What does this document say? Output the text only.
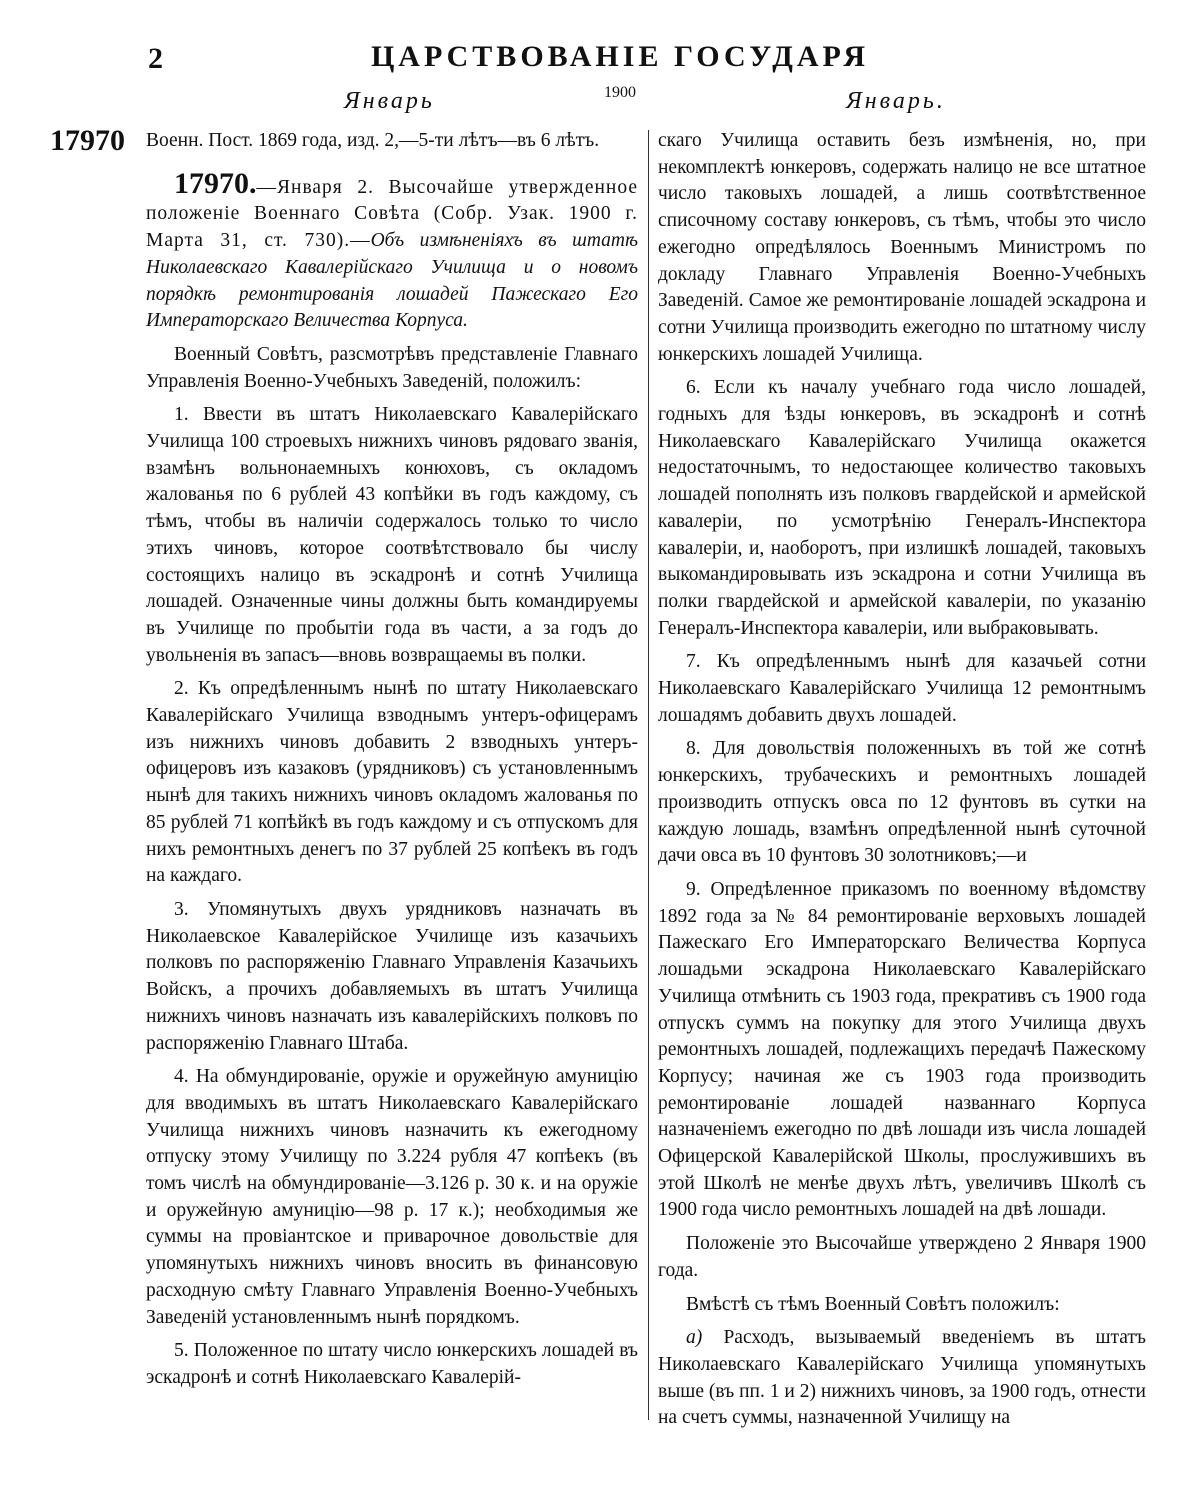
2	ЦАРСТВОВАНІЕ ГОСУДАРЯ
Январь	1900	Январь.
17970 Военн. Пост. 1869 года, изд. 2,—5-ти лѣтъ—въ 6 лѣтъ.

17970.—Января 2. Высочайше утвержденное положеніе Военнаго Совѣта (Собр. Узак. 1900 г. Марта 31, ст. 730).—Объ измѣненіяхъ въ штатѣ Николаевскаго Кавалерійскаго Училища и о новомъ порядкѣ ремонтированія лошадей Пажескаго Его Императорскаго Величества Корпуса.

Военный Совѣтъ, разсмотрѣвъ представленіе Главнаго Управленія Военно-Учебныхъ Заведеній, положилъ:

1. Ввести въ штатъ Николаевскаго Кавалерійскаго Училища 100 строевыхъ нижнихъ чиновъ рядоваго званія, взамѣнъ вольнонаемныхъ конюховъ, съ окладомъ жалованья по 6 рублей 43 копѣйки въ годъ каждому, съ тѣмъ, чтобы въ наличіи содержалось только то число этихъ чиновъ, которое соотвѣтствовало бы числу состоящихъ налицо въ эскадронѣ и сотнѣ Училища лошадей. Означенные чины должны быть командируемы въ Училище по пробытіи года въ части, а за годъ до увольненія въ запасъ—вновь возвращаемы въ полки.

2. Къ опредѣленнымъ нынѣ по штату Николаевскаго Кавалерійскаго Училища взводнымъ унтеръ-офицерамъ изъ нижнихъ чиновъ добавить 2 взводныхъ унтеръ-офицеровъ изъ казаковъ (урядниковъ) съ установленнымъ нынѣ для такихъ нижнихъ чиновъ окладомъ жалованья по 85 рублей 71 копѣйкѣ въ годъ каждому и съ отпускомъ для нихъ ремонтныхъ денегъ по 37 рублей 25 копѣекъ въ годъ на каждаго.

3. Упомянутыхъ двухъ урядниковъ назначать въ Николаевское Кавалерійское Училище изъ казачьихъ полковъ по распоряженію Главнаго Управленія Казачьихъ Войскъ, а прочихъ добавляемыхъ въ штатъ Училища нижнихъ чиновъ назначать изъ кавалерійскихъ полковъ по распоряженію Главнаго Штаба.

4. На обмундированіе, оружіе и оружейную амуницію для вводимыхъ въ штатъ Николаевскаго Кавалерійскаго Училища нижнихъ чиновъ назначить къ ежегодному отпуску этому Училищу по 3.224 рубля 47 копѣекъ (въ томъ числѣ на обмундированіе—3.126 р. 30 к. и на оружіе и оружейную амуницію—98 р. 17 к.); необходимыя же суммы на провіантское и приварочное довольствіе для упомянутыхъ нижнихъ чиновъ вносить въ финансовую расходную смѣту Главнаго Управленія Военно-Учебныхъ Заведеній установленнымъ нынѣ порядкомъ.

5. Положенное по штату число юнкерскихъ лошадей въ эскадронѣ и сотнѣ Николаевскаго Кавалерій-

скаго Училища оставить безъ измѣненія, но, при некомплектѣ юнкеровъ, содержать налицо не все штатное число таковыхъ лошадей, а лишь соотвѣтственное списочному составу юнкеровъ, съ тѣмъ, чтобы это число ежегодно опредѣлялось Военнымъ Министромъ по докладу Главнаго Управленія Военно-Учебныхъ Заведеній. Самое же ремонтированіе лошадей эскадрона и сотни Училища производить ежегодно по штатному числу юнкерскихъ лошадей Училища.

6. Если къ началу учебнаго года число лошадей, годныхъ для ѣзды юнкеровъ, въ эскадронѣ и сотнѣ Николаевскаго Кавалерійскаго Училища окажется недостаточнымъ, то недостающее количество таковыхъ лошадей пополнять изъ полковъ гвардейской и армейской кавалеріи, по усмотрѣнію Генералъ-Инспектора кавалеріи, и, наоборотъ, при излишкѣ лошадей, таковыхъ выкомандировывать изъ эскадрона и сотни Училища въ полки гвардейской и армейской кавалеріи, по указанію Генералъ-Инспектора кавалеріи, или выбраковывать.

7. Къ опредѣленнымъ нынѣ для казачьей сотни Николаевскаго Кавалерійскаго Училища 12 ремонтнымъ лошадямъ добавить двухъ лошадей.

8. Для довольствія положенныхъ въ той же сотнѣ юнкерскихъ, трубаческихъ и ремонтныхъ лошадей производить отпускъ овса по 12 фунтовъ въ сутки на каждую лошадь, взамѣнъ опредѣленной нынѣ суточной дачи овса въ 10 фунтовъ 30 золотниковъ;—и

9. Опредѣленное приказомъ по военному вѣдомству 1892 года за № 84 ремонтированіе верховыхъ лошадей Пажескаго Его Императорскаго Величества Корпуса лошадьми эскадрона Николаевскаго Кавалерійскаго Училища отмѣнить съ 1903 года, прекративъ съ 1900 года отпускъ суммъ на покупку для этого Училища двухъ ремонтныхъ лошадей, подлежащихъ передачѣ Пажескому Корпусу; начиная же съ 1903 года производить ремонтированіе лошадей названнаго Корпуса назначеніемъ ежегодно по двѣ лошади изъ числа лошадей Офицерской Кавалерійской Школы, прослужившихъ въ этой Школѣ не менѣе двухъ лѣтъ, увеличивъ Школѣ съ 1900 года число ремонтныхъ лошадей на двѣ лошади.

Положеніе это Высочайше утверждено 2 Января 1900 года.

Вмѣстѣ съ тѣмъ Военный Совѣтъ положилъ:

а) Расходъ, вызываемый введеніемъ въ штатъ Николаевскаго Кавалерійскаго Училища упомянутыхъ выше (въ пп. 1 и 2) нижнихъ чиновъ, за 1900 годъ, отнести на счетъ суммы, назначенной Училищу на
